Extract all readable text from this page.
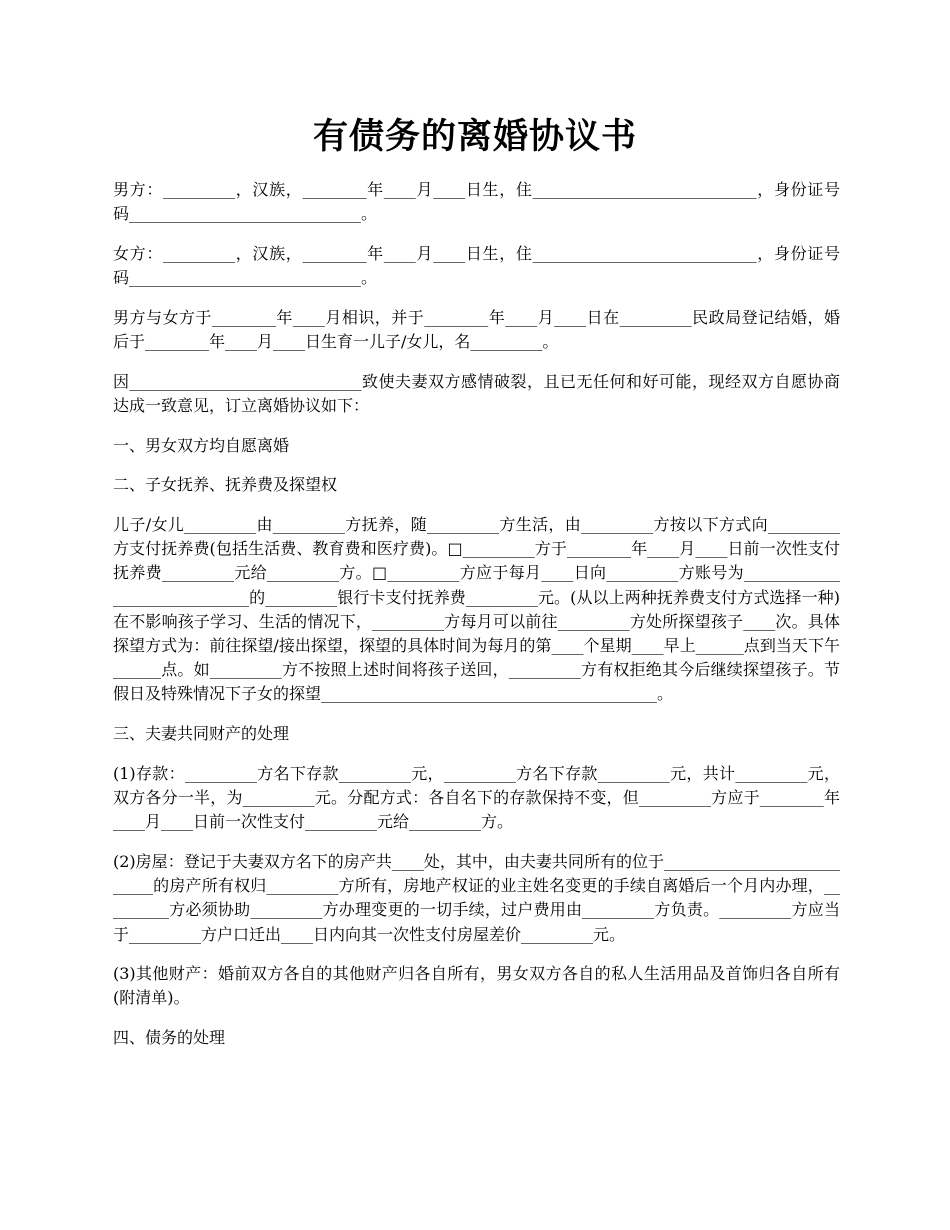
有债务的离婚协议书

男方：_________，汉族，________年____月____日生，住____________________________，身份证号码_____________________________。

女方：_________，汉族，________年____月____日生，住____________________________，身份证号码_____________________________。

男方与女方于________年____月相识，并于________年____月____日在_________民政局登记结婚，婚后于________年____月____日生育一儿子/女儿，名_________。

因_____________________________致使夫妻双方感情破裂，且已无任何和好可能，现经双方自愿协商达成一致意见，订立离婚协议如下：

一、男女双方均自愿离婚

二、子女抚养、抚养费及探望权

儿子/女儿_________由_________方抚养，随_________方生活，由_________方按以下方式向_________方支付抚养费(包括生活费、教育费和医疗费)。□_________方于________年____月____日前一次性支付抚养费_________元给_________方。□_________方应于每月____日向_________方账号为_____________________________的_________银行卡支付抚养费_________元。(从以上两种抚养费支付方式选择一种)在不影响孩子学习、生活的情况下，_________方每月可以前往_________方处所探望孩子____次。具体探望方式为：前往探望/接出探望，探望的具体时间为每月的第____个星期____早上______点到当天下午______点。如_________方不按照上述时间将孩子送回，_________方有权拒绝其今后继续探望孩子。节假日及特殊情况下子女的探望__________________________________________。

三、夫妻共同财产的处理

(1)存款：_________方名下存款_________元，_________方名下存款_________元，共计_________元，双方各分一半，为_________元。分配方式：各自名下的存款保持不变，但_________方应于________年____月____日前一次性支付_________元给_________方。

(2)房屋：登记于夫妻双方名下的房产共____处，其中，由夫妻共同所有的位于___________________________的房产所有权归_________方所有，房地产权证的业主姓名变更的手续自离婚后一个月内办理，_________方必须协助_________方办理变更的一切手续，过户费用由_________方负责。_________方应当于_________方户口迁出____日内向其一次性支付房屋差价_________元。

(3)其他财产：婚前双方各自的其他财产归各自所有，男女双方各自的私人生活用品及首饰归各自所有(附清单)。

四、债务的处理
